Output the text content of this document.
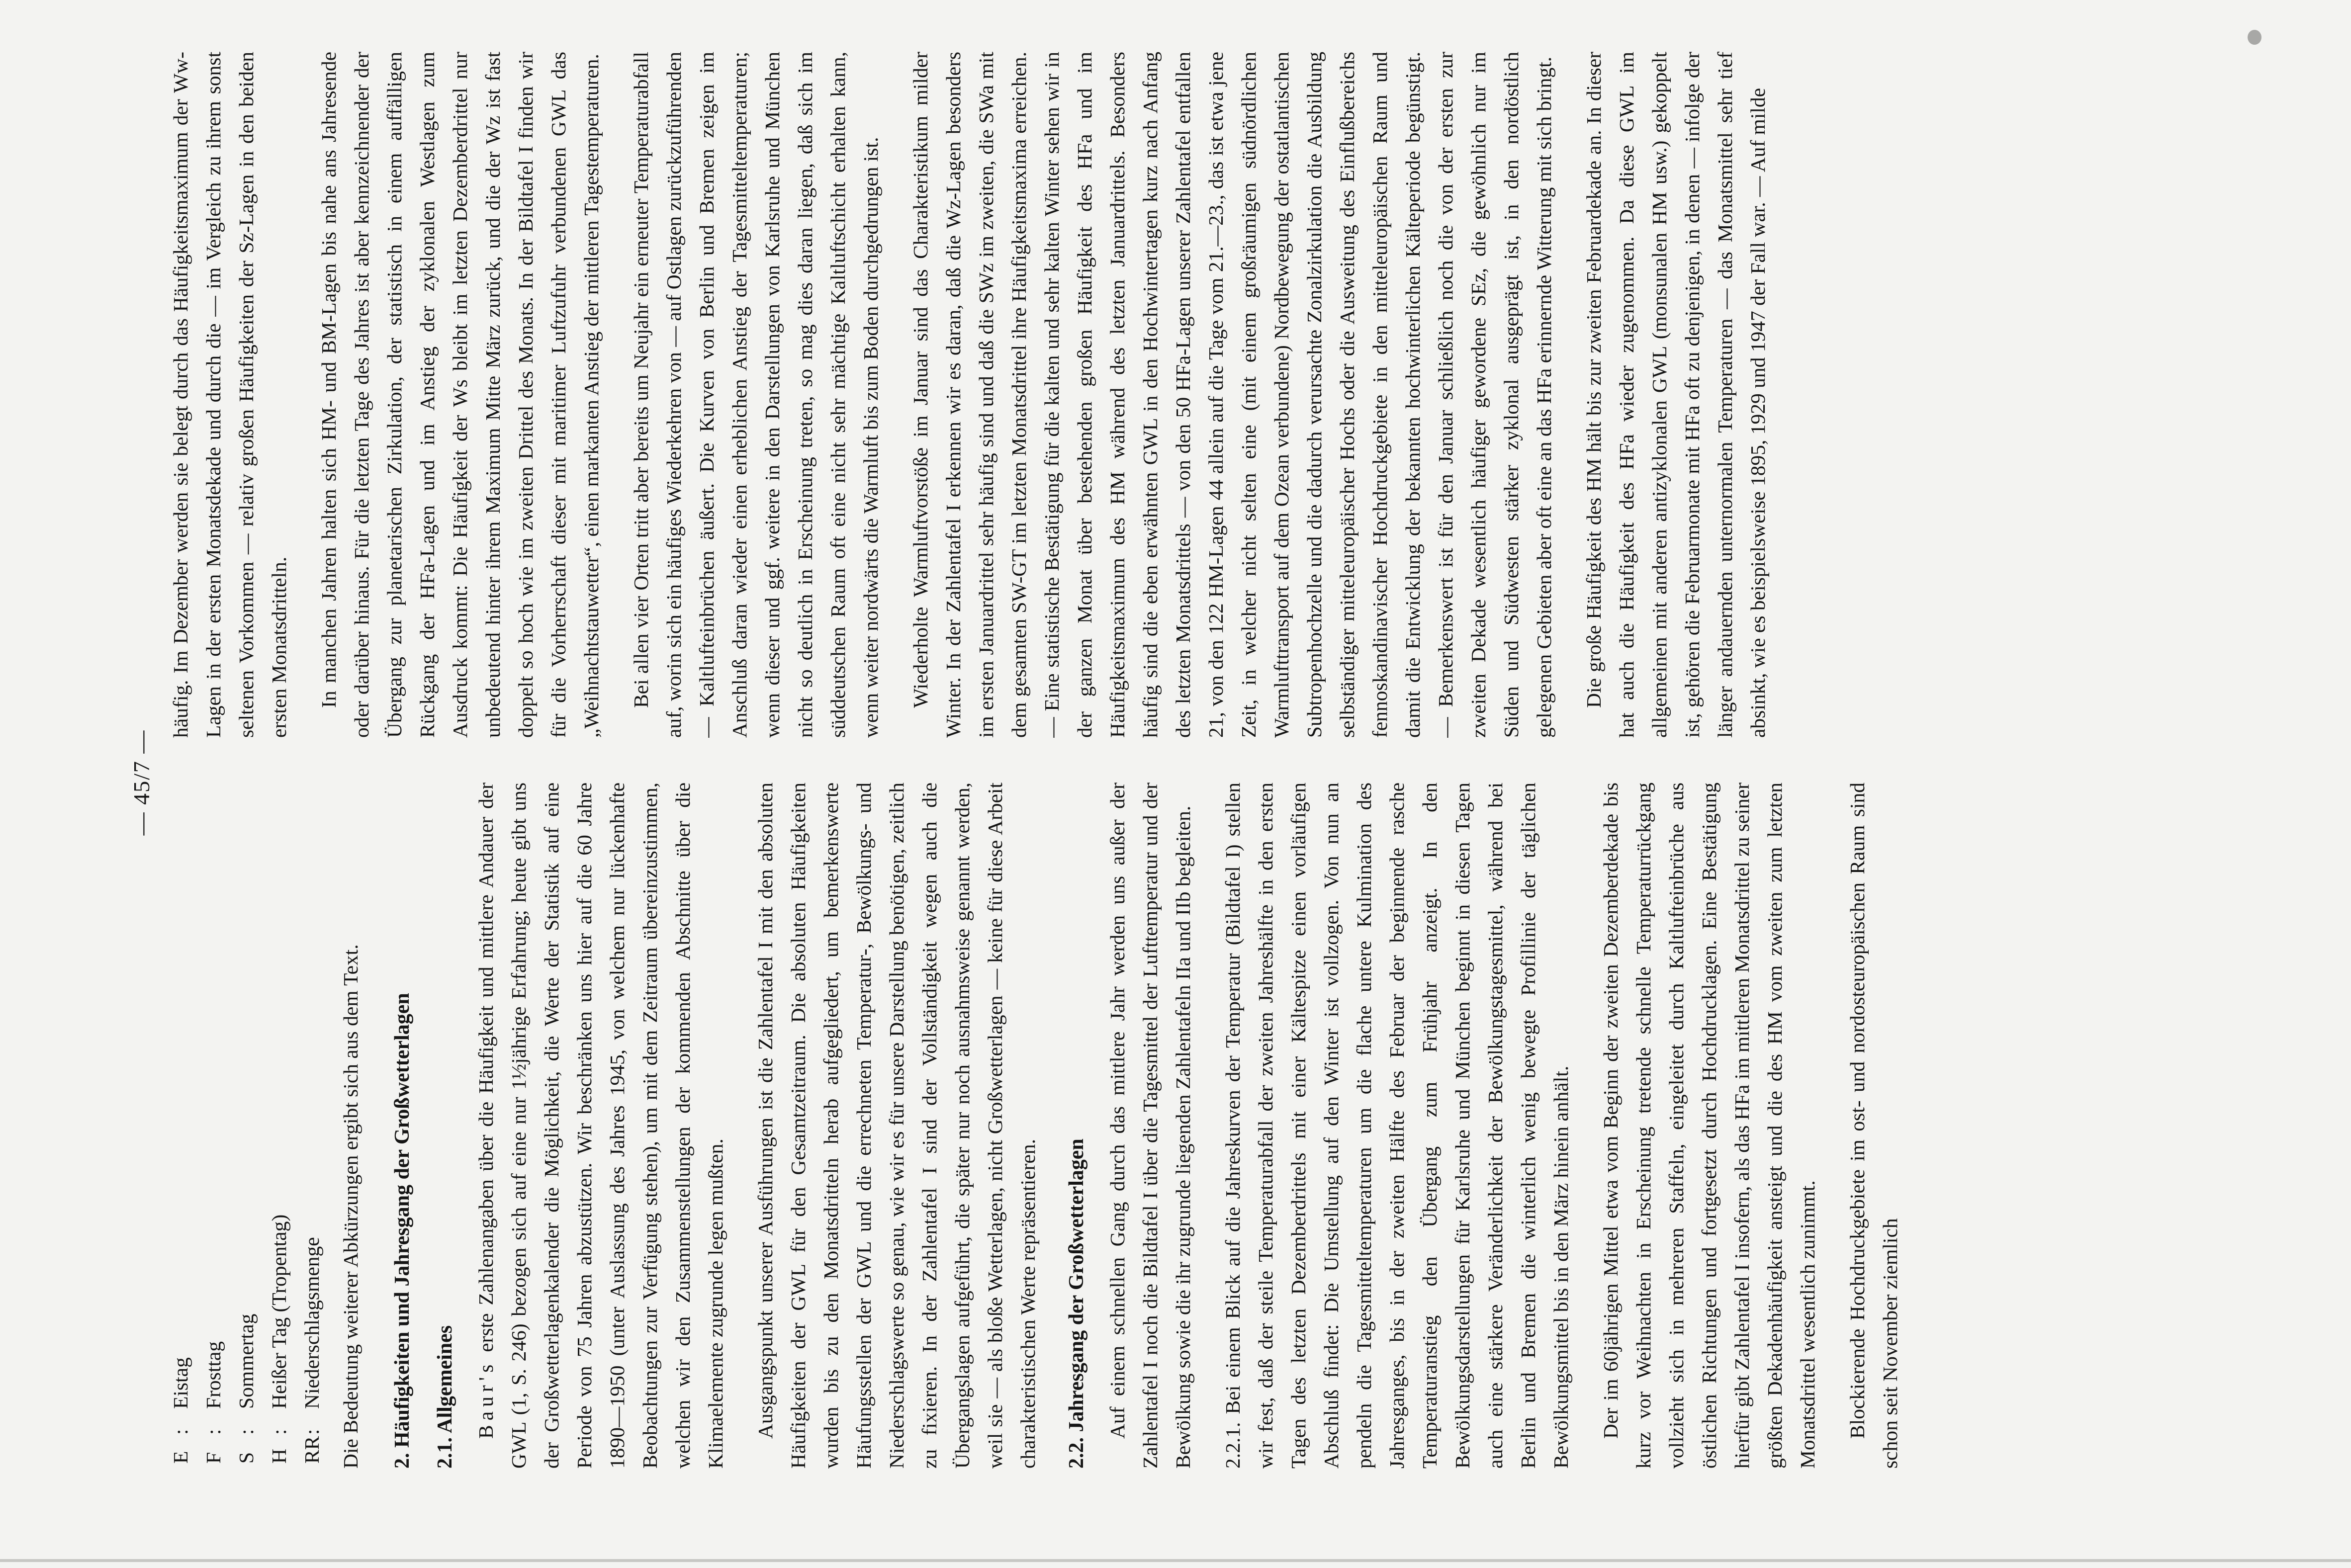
— 45/7 —
E
:
Eistag
F
:
Frosttag
S
:
Sommertag
H
:
Heißer Tag (Tropentag)
RR
:
Niederschlagsmenge Die Bedeutung weiterer Abkürzungen ergibt sich aus dem Text. 2. Häufigkeiten und Jahresgang der Großwetterlagen 2.1. Allgemeines Baur's erste Zahlenangaben über die Häufigkeit und mittlere Andauer der GWL (1, S. 246) bezogen sich auf eine nur 1½jährige Erfahrung; heute gibt uns der Großwetterlagenkalender die Möglichkeit, die Werte der Statistik auf eine Periode von 75 Jahren abzustützen. Wir beschränken uns hier auf die 60 Jahre 1890—1950 (unter Auslassung des Jahres 1945, von welchem nur lückenhafte Beobachtungen zur Verfügung stehen), um mit dem Zeitraum übereinzustimmen, welchen wir den Zusammenstellungen der kommenden Abschnitte über die Klimaelemente zugrunde legen mußten. Ausgangspunkt unserer Ausführungen ist die Zahlentafel I mit den absoluten Häufigkeiten der GWL für den Gesamtzeitraum. Die absoluten Häufigkeiten wurden bis zu den Monatsdritteln herab aufgegliedert, um bemerkenswerte Häufungsstellen der GWL und die errechneten Temperatur-, Bewölkungs- und Niederschlagswerte so genau, wie wir es für unsere Darstellung benötigen, zeitlich zu fixieren. In der Zahlentafel I sind der Vollständigkeit wegen auch die Übergangslagen aufgeführt, die später nur noch ausnahmsweise genannt werden, weil sie — als bloße Wetterlagen, nicht Großwetterlagen — keine für diese Arbeit charakteristischen Werte repräsentieren. 2.2. Jahresgang der Großwetterlagen Auf einem schnellen Gang durch das mittlere Jahr werden uns außer der Zahlentafel I noch die Bildtafel I über die Tagesmittel der Lufttemperatur und der Bewölkung sowie die ihr zugrunde liegenden Zahlentafeln IIa und IIb begleiten. 2.2.1. Bei einem Blick auf die Jahreskurven der Temperatur (Bildtafel I) stellen wir fest, daß der steile Temperaturabfall der zweiten Jahreshälfte in den ersten Tagen des letzten Dezemberdrittels mit einer Kältespitze einen vorläufigen Abschluß findet: Die Umstellung auf den Winter ist vollzogen. Von nun an pendeln die Tagesmitteltemperaturen um die flache untere Kulmination des Jahresganges, bis in der zweiten Hälfte des Februar der beginnende rasche Temperaturanstieg den Übergang zum Frühjahr anzeigt. In den Bewölkungsdarstellungen für Karlsruhe und München beginnt in diesen Tagen auch eine stärkere Veränderlichkeit der Bewölkungstagesmittel, während bei Berlin und Bremen die winterlich wenig bewegte Profillinie der täglichen Bewölkungsmittel bis in den März hinein anhält. Der im 60jährigen Mittel etwa vom Beginn der zweiten Dezemberdekade bis kurz vor Weihnachten in Erscheinung tretende schnelle Temperaturrückgang vollzieht sich in mehreren Staffeln, eingeleitet durch Kaltlufteinbrüche aus östlichen Richtungen und fortgesetzt durch Hochdrucklagen. Eine Bestätigung hierfür gibt Zahlentafel I insofern, als das HFa im mittleren Monatsdrittel zu seiner größten Dekadenhäufigkeit ansteigt und die des HM vom zweiten zum letzten Monatsdrittel wesentlich zunimmt. Blockierende Hochdruckgebiete im ost- und nordosteuropäischen Raum sind schon seit November ziemlich

häufig. Im Dezember werden sie belegt durch das Häufigkeitsmaximum der Ww-Lagen in der ersten Monatsdekade und durch die — im Vergleich zu ihrem sonst seltenen Vorkommen — relativ großen Häufigkeiten der Sz-Lagen in den beiden ersten Monatsdritteln. In manchen Jahren halten sich HM- und BM-Lagen bis nahe ans Jahresende oder darüber hinaus. Für die letzten Tage des Jahres ist aber kennzeichnender der Übergang zur planetarischen Zirkulation, der statistisch in einem auffälligen Rückgang der HFa-Lagen und im Anstieg der zyklonalen Westlagen zum Ausdruck kommt: Die Häufigkeit der Ws bleibt im letzten Dezemberdrittel nur unbedeutend hinter ihrem Maximum Mitte März zurück, und die der Wz ist fast doppelt so hoch wie im zweiten Drittel des Monats. In der Bildtafel I finden wir für die Vorherrschaft dieser mit maritimer Luftzufuhr verbundenen GWL das „Weihnachtstauwetter“, einen markanten Anstieg der mittleren Tagestemperaturen. Bei allen vier Orten tritt aber bereits um Neujahr ein erneuter Temperaturabfall auf, worin sich ein häufiges Wiederkehren von — auf Ostlagen zurückzuführenden — Kaltlufteinbrüchen äußert. Die Kurven von Berlin und Bremen zeigen im Anschluß daran wieder einen erheblichen Anstieg der Tagesmitteltemperaturen; wenn dieser und ggf. weitere in den Darstellungen von Karlsruhe und München nicht so deutlich in Erscheinung treten, so mag dies daran liegen, daß sich im süddeutschen Raum oft eine nicht sehr mächtige Kaltluftschicht erhalten kann, wenn weiter nordwärts die Warmluft bis zum Boden durchgedrungen ist. Wiederholte Warmluftvorstöße im Januar sind das Charakteristikum milder Winter. In der Zahlentafel I erkennen wir es daran, daß die Wz-Lagen besonders im ersten Januardrittel sehr häufig sind und daß die SWz im zweiten, die SWa mit dem gesamten SW-GT im letzten Monatsdrittel ihre Häufigkeitsmaxima erreichen. — Eine statistische Bestätigung für die kalten und sehr kalten Winter sehen wir in der ganzen Monat über bestehenden großen Häufigkeit des HFa und im Häufigkeitsmaximum des HM während des letzten Januardrittels. Besonders häufig sind die eben erwähnten GWL in den Hochwintertagen kurz nach Anfang des letzten Monatsdrittels — von den 50 HFa-Lagen unserer Zahlentafel entfallen 21, von den 122 HM-Lagen 44 allein auf die Tage vom 21.—23., das ist etwa jene Zeit, in welcher nicht selten eine (mit einem großräumigen südnördlichen Warmlufttransport auf dem Ozean verbundene) Nordbewegung der ostatlantischen Subtropenhochzelle und die dadurch verursachte Zonalzirkulation die Ausbildung selbständiger mitteleuropäischer Hochs oder die Ausweitung des Einflußbereichs fennoskandinavischer Hochdruckgebiete in den mitteleuropäischen Raum und damit die Entwicklung der bekannten hochwinterlichen Kälteperiode begünstigt. — Bemerkenswert ist für den Januar schließlich noch die von der ersten zur zweiten Dekade wesentlich häufiger gewordene SEz, die gewöhnlich nur im Süden und Südwesten stärker zyklonal ausgeprägt ist, in den nordöstlich gelegenen Gebieten aber oft eine an das HFa erinnernde Witterung mit sich bringt. Die große Häufigkeit des HM hält bis zur zweiten Februardekade an. In dieser hat auch die Häufigkeit des HFa wieder zugenommen. Da diese GWL im allgemeinen mit anderen antizyklonalen GWL (monsunalen HM usw.) gekoppelt ist, gehören die Februarmonate mit HFa oft zu denjenigen, in denen — infolge der länger andauernden unternormalen Temperaturen — das Monatsmittel sehr tief absinkt, wie es beispielsweise 1895, 1929 und 1947 der Fall war. — Auf milde
